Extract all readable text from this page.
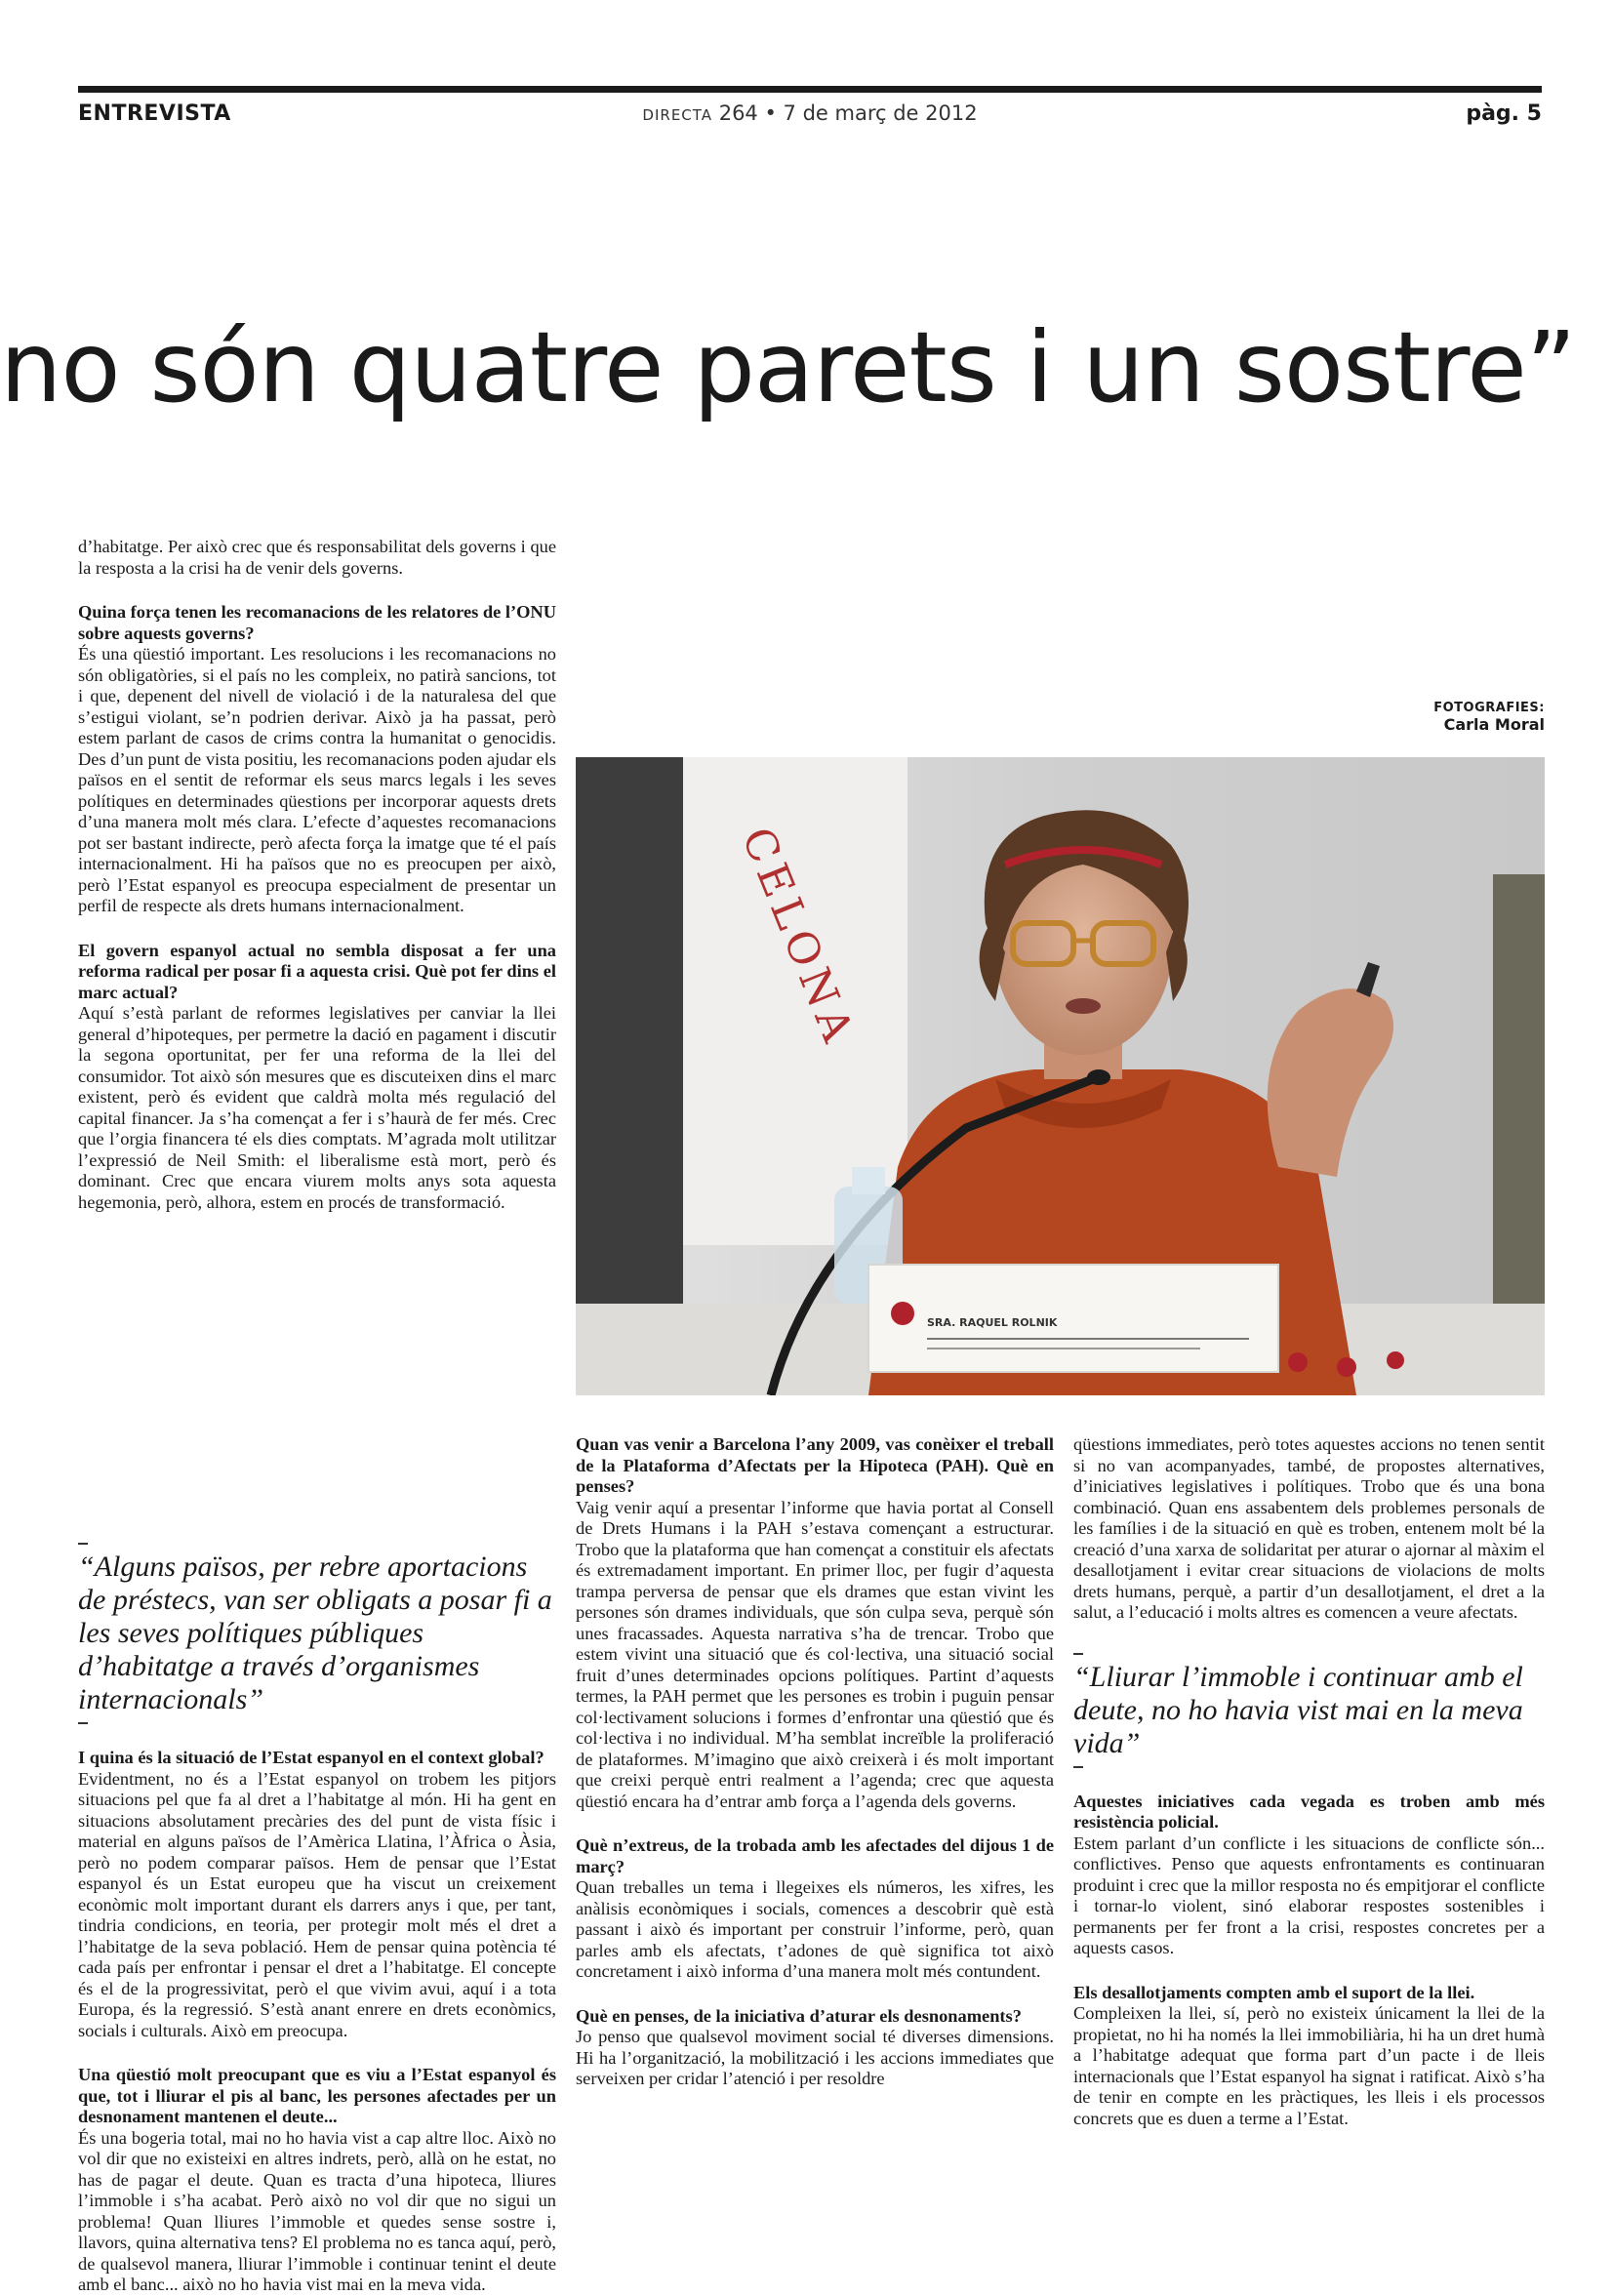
ENTREVISTA	DIRECTA 264 • 7 de març de 2012	pàg. 5
no són quatre parets i un sostre”

d’habitatge. Per això crec que és responsabilitat dels governs i que la resposta a la crisi ha de venir dels governs.

Quina força tenen les recomanacions de les relatores de l’ONU sobre aquests governs?

És una qüestió important. Les resolucions i les recomanacions no són obligatòries, si el país no les compleix, no patirà sancions, tot i que, depenent del nivell de violació i de la naturalesa del que s’estigui violant, se’n podrien derivar. Això ja ha passat, però estem parlant de casos de crims contra la humanitat o genocidis. Des d’un punt de vista positiu, les recomanacions poden ajudar els països en el sentit de reformar els seus marcs legals i les seves polítiques en determinades qüestions per incorporar aquests drets d’una manera molt més clara. L’efecte d’aquestes recomanacions pot ser bastant indirecte, però afecta força la imatge que té el país internacionalment. Hi ha països que no es preocupen per això, però l’Estat espanyol es preocupa especialment de presentar un perfil de respecte als drets humans internacionalment.

El govern espanyol actual no sembla disposat a fer una reforma radical per posar fi a aquesta crisi. Què pot fer dins el marc actual?

Aquí s’està parlant de reformes legislatives per canviar la llei general d’hipoteques, per permetre la dació en pagament i discutir la segona oportunitat, per fer una reforma de la llei del consumidor. Tot això són mesures que es discuteixen dins el marc existent, però és evident que caldrà molta més regulació del capital financer. Ja s’ha començat a fer i s’haurà de fer més. Crec que l’orgia financera té els dies comptats. M’agrada molt utilitzar l’expressió de Neil Smith: el liberalisme està mort, però és dominant. Crec que encara viurem molts anys sota aquesta hegemonia, però, alhora, estem en procés de transformació.

FOTOGRAFIES:
Carla Moral
CELONA
SRA. RAQUEL ROLNIK
“Alguns països, per rebre aportacions de préstecs, van ser obligats a posar fi a les seves polítiques públiques d’habitatge a través d’organismes internacionals”

I quina és la situació de l’Estat espanyol en el context global?

Evidentment, no és a l’Estat espanyol on trobem les pitjors situacions pel que fa al dret a l’habitatge al món. Hi ha gent en situacions absolutament precàries des del punt de vista físic i material en alguns països de l’Amèrica Llatina, l’Àfrica o Àsia, però no podem comparar països. Hem de pensar que l’Estat espanyol és un Estat europeu que ha viscut un creixement econòmic molt important durant els darrers anys i que, per tant, tindria condicions, en teoria, per protegir molt més el dret a l’habitatge de la seva població. Hem de pensar quina potència té cada país per enfrontar i pensar el dret a l’habitatge. El concepte és el de la progressivitat, però el que vivim avui, aquí i a tota Europa, és la regressió. S’està anant enrere en drets econòmics, socials i culturals. Això em preocupa.

Una qüestió molt preocupant que es viu a l’Estat espanyol és que, tot i lliurar el pis al banc, les persones afectades per un desnonament mantenen el deute...

És una bogeria total, mai no ho havia vist a cap altre lloc. Això no vol dir que no existeixi en altres indrets, però, allà on he estat, no has de pagar el deute. Quan es tracta d’una hipoteca, lliures l’immoble i s’ha acabat. Però això no vol dir que no sigui un problema! Quan lliures l’immoble et quedes sense sostre i, llavors, quina alternativa tens? El problema no es tanca aquí, però, de qualsevol manera, lliurar l’immoble i continuar tenint el deute amb el banc... això no ho havia vist mai en la meva vida.

Quan vas venir a Barcelona l’any 2009, vas conèixer el treball de la Plataforma d’Afectats per la Hipoteca (PAH). Què en penses?

Vaig venir aquí a presentar l’informe que havia portat al Consell de Drets Humans i la PAH s’estava començant a estructurar. Trobo que la plataforma que han començat a constituir els afectats és extremadament important. En primer lloc, per fugir d’aquesta trampa perversa de pensar que els drames que estan vivint les persones són drames individuals, que són culpa seva, perquè són unes fracassades. Aquesta narrativa s’ha de trencar. Trobo que estem vivint una situació que és col·lectiva, una situació social fruit d’unes determinades opcions polítiques. Partint d’aquests termes, la PAH permet que les persones es trobin i puguin pensar col·lectivament solucions i formes d’enfrontar una qüestió que és col·lectiva i no individual. M’ha semblat increïble la proliferació de plataformes. M’imagino que això creixerà i és molt important que creixi perquè entri realment a l’agenda; crec que aquesta qüestió encara ha d’entrar amb força a l’agenda dels governs.

Què n’extreus, de la trobada amb les afectades del dijous 1 de març?

Quan treballes un tema i llegeixes els números, les xifres, les anàlisis econòmiques i socials, comences a descobrir què està passant i això és important per construir l’informe, però, quan parles amb els afectats, t’adones de què significa tot això concretament i això informa d’una manera molt més contundent.

Què en penses, de la iniciativa d’aturar els desnonaments?

Jo penso que qualsevol moviment social té diverses dimensions. Hi ha l’organització, la mobilització i les accions immediates que serveixen per cridar l’atenció i per resoldre

qüestions immediates, però totes aquestes accions no tenen sentit si no van acompanyades, també, de propostes alternatives, d’iniciatives legislatives i polítiques. Trobo que és una bona combinació. Quan ens assabentem dels problemes personals de les famílies i de la situació en què es troben, entenem molt bé la creació d’una xarxa de solidaritat per aturar o ajornar al màxim el desallotjament i evitar crear situacions de violacions de molts drets humans, perquè, a partir d’un desallotjament, el dret a la salut, a l’educació i molts altres es comencen a veure afectats.

“Lliurar l’immoble i continuar amb el deute, no ho havia vist mai en la meva vida”

Aquestes iniciatives cada vegada es troben amb més resistència policial.

Estem parlant d’un conflicte i les situacions de conflicte són... conflictives. Penso que aquests enfrontaments es continuaran produint i crec que la millor resposta no és empitjorar el conflicte i tornar-lo violent, sinó elaborar respostes sostenibles i permanents per fer front a la crisi, respostes concretes per a aquests casos.

Els desallotjaments compten amb el suport de la llei.

Compleixen la llei, sí, però no existeix únicament la llei de la propietat, no hi ha només la llei immobiliària, hi ha un dret humà a l’habitatge adequat que forma part d’un pacte i de lleis internacionals que l’Estat espanyol ha signat i ratificat. Això s’ha de tenir en compte en les pràctiques, les lleis i els processos concrets que es duen a terme a l’Estat.
